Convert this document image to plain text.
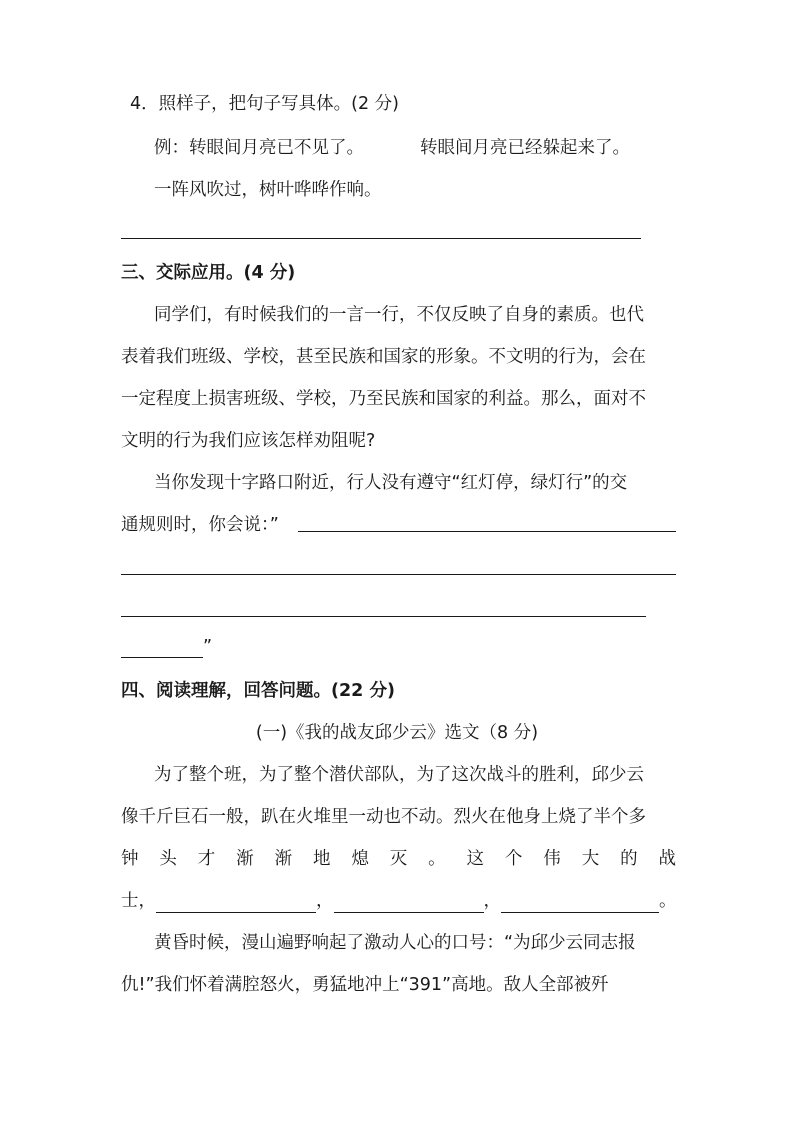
4．照样子，把句子写具体。(2 分)
例：转眼间月亮已不见了。	转眼间月亮已经躲起来了。
一阵风吹过，树叶哗哗作响。
三、交际应用。(4 分)
同学们，有时候我们的一言一行，不仅反映了自身的素质。也代
表着我们班级、学校，甚至民族和国家的形象。不文明的行为，会在
一定程度上损害班级、学校，乃至民族和国家的利益。那么，面对不
文明的行为我们应该怎样劝阻呢?
当你发现十字路口附近，行人没有遵守“红灯停，绿灯行”的交
通规则时，你会说：”
”
四、阅读理解，回答问题。(22 分)
(一)《我的战友邱少云》选文（8 分)
为了整个班，为了整个潜伏部队，为了这次战斗的胜利，邱少云
像千斤巨石一般，趴在火堆里一动也不动。烈火在他身上烧了半个多
钟 头 才 渐 渐 地 熄 灭 。 这 个 伟 大 的 战
士，	，	，	。
黄昏时候，漫山遍野响起了激动人心的口号：“为邱少云同志报
仇!”我们怀着满腔怒火，勇猛地冲上“391”高地。敌人全部被歼
